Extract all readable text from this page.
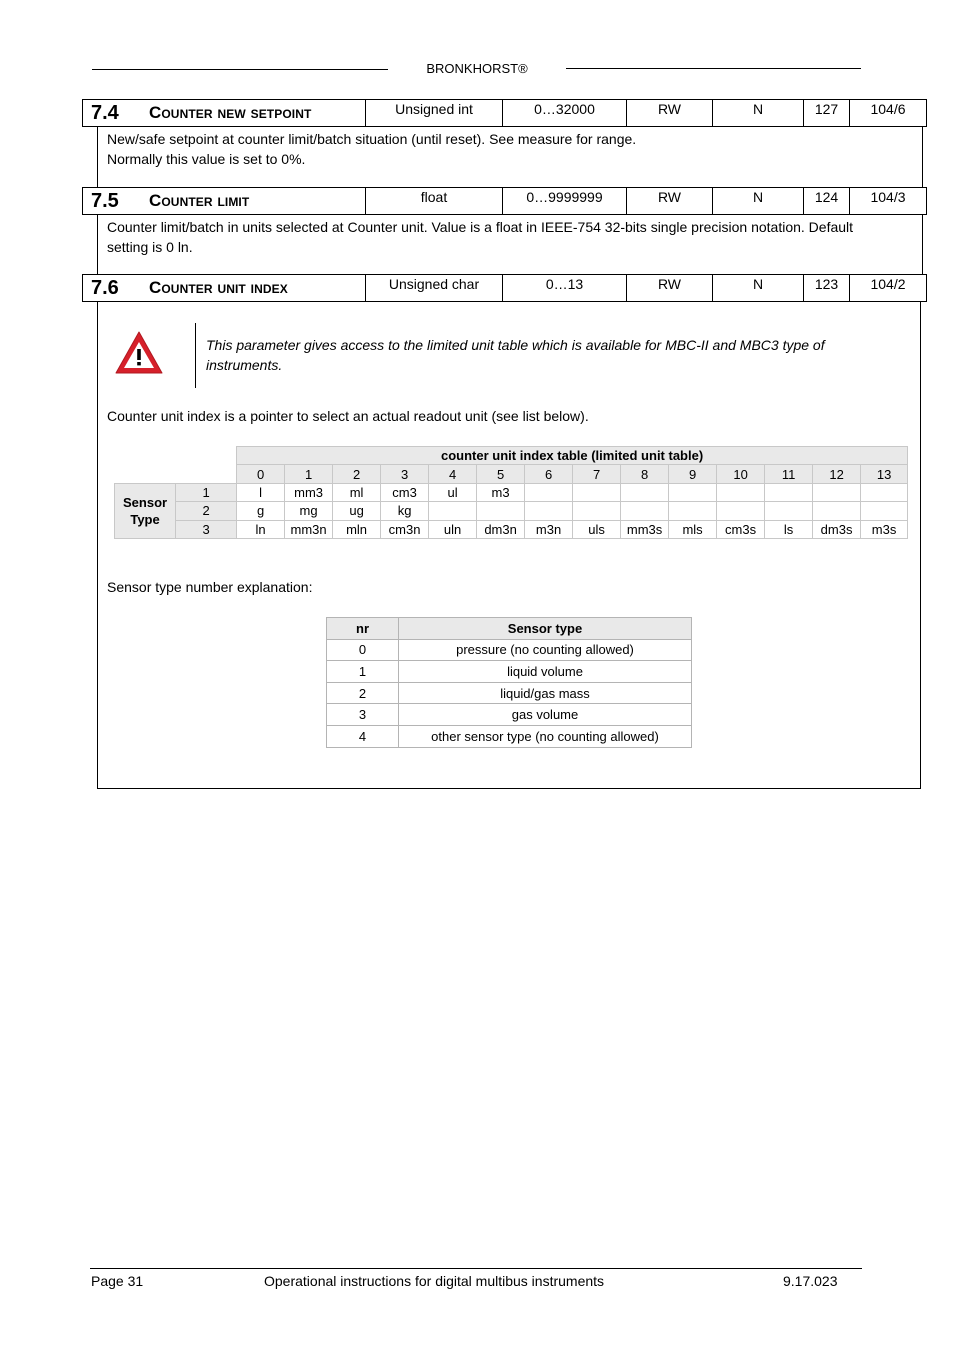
BRONKHORST®
7.4	Counter new setpoint	Unsigned int	0…32000	RW	N	127	104/6
New/safe setpoint at counter limit/batch situation (until reset). See measure for range.
Normally this value is set to 0%.
7.5	Counter limit	float	0…9999999	RW	N	124	104/3
Counter limit/batch in units selected at Counter unit. Value is a float in IEEE-754 32-bits single precision notation. Default
setting is 0 ln.
7.6	Counter unit index	Unsigned char	0…13	RW	N	123	104/2
This parameter gives access to the limited unit table which is available for MBC-II and MBC3 type of instruments.
Counter unit index is a pointer to select an actual readout unit (see list below).
		counter unit index table (limited unit table)													
		0	1	2	3	4	5	6	7	8	9	10	11	12	13
Sensor Type	1	l	mm3	ml	cm3	ul	m3								
	2	g	mg	ug	kg										
	3	ln	mm3n	mln	cm3n	uln	dm3n	m3n	uls	mm3s	mls	cm3s	ls	dm3s	m3s
Sensor type number explanation:
nr	Sensor type
0	pressure (no counting allowed)
1	liquid volume
2	liquid/gas mass
3	gas volume
4	other sensor type (no counting allowed)
Page 31	Operational instructions for digital multibus instruments	9.17.023
